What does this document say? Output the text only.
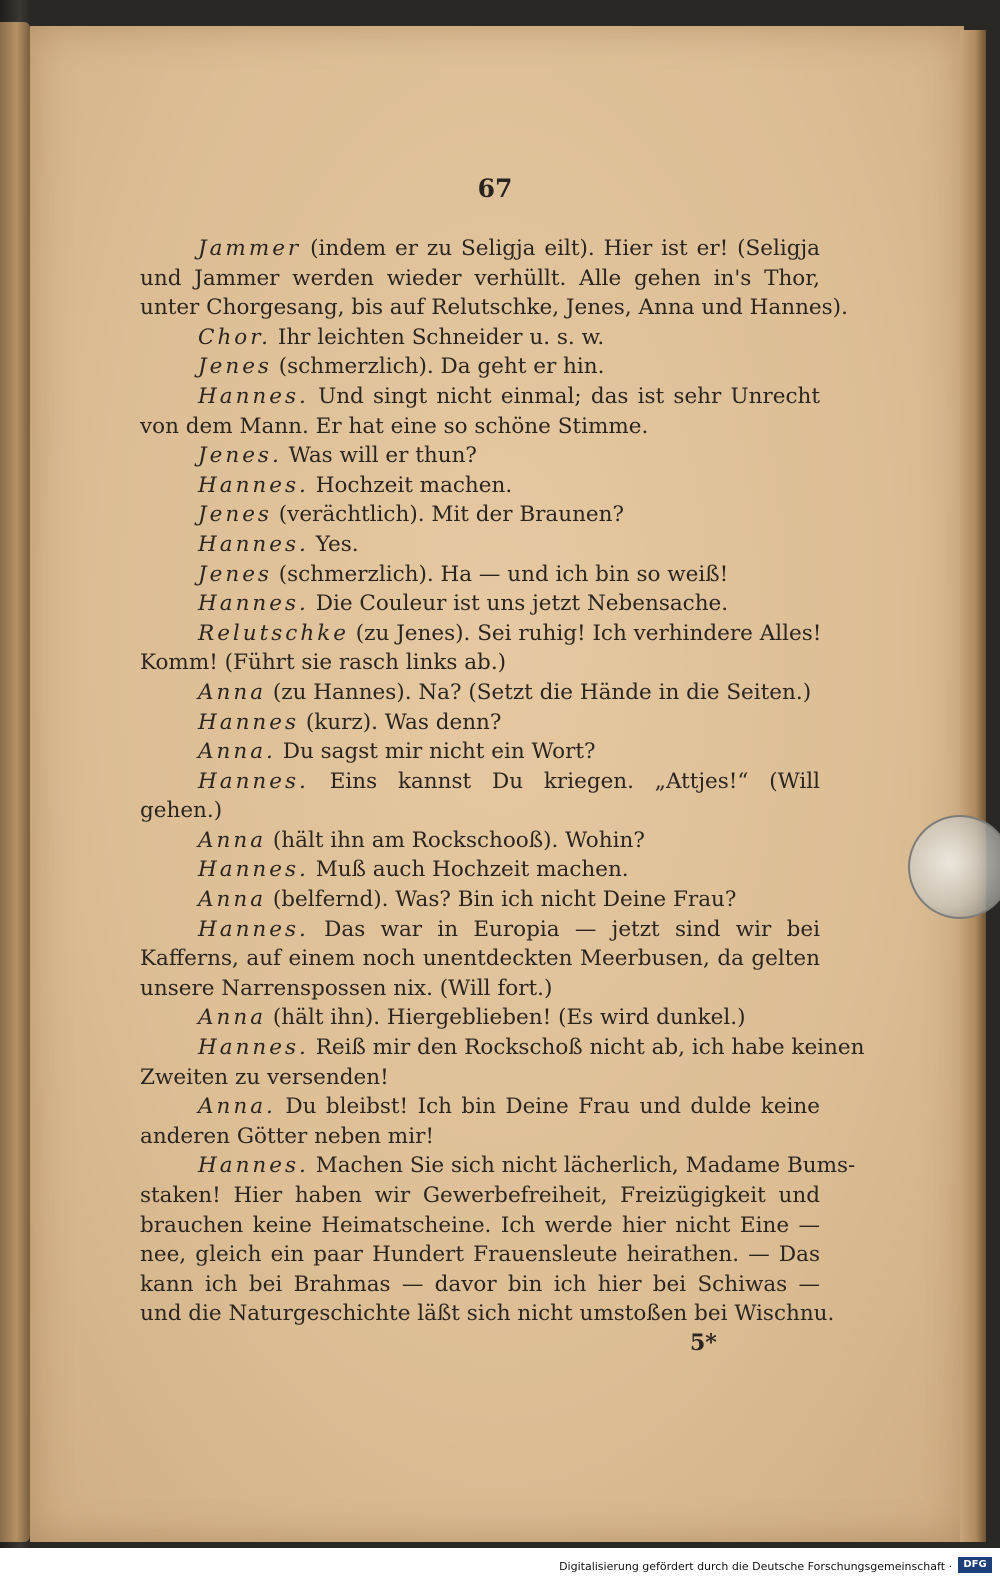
67
Jammer (indem er zu Seligja eilt). Hier ist er! (Seligja
und Jammer werden wieder verhüllt. Alle gehen in's Thor,
unter Chorgesang, bis auf Relutschke, Jenes, Anna und Hannes).
Chor. Ihr leichten Schneider u. s. w.
Jenes (schmerzlich). Da geht er hin.
Hannes. Und singt nicht einmal; das ist sehr Unrecht
von dem Mann. Er hat eine so schöne Stimme.
Jenes. Was will er thun?
Hannes. Hochzeit machen.
Jenes (verächtlich). Mit der Braunen?
Hannes. Yes.
Jenes (schmerzlich). Ha — und ich bin so weiß!
Hannes. Die Couleur ist uns jetzt Nebensache.
Relutschke (zu Jenes). Sei ruhig! Ich verhindere Alles!
Komm! (Führt sie rasch links ab.)
Anna (zu Hannes). Na? (Setzt die Hände in die Seiten.)
Hannes (kurz). Was denn?
Anna. Du sagst mir nicht ein Wort?
Hannes. Eins kannst Du kriegen. „Attjes!“ (Will
gehen.)
Anna (hält ihn am Rockschooß). Wohin?
Hannes. Muß auch Hochzeit machen.
Anna (belfernd). Was? Bin ich nicht Deine Frau?
Hannes. Das war in Europia — jetzt sind wir bei
Kafferns, auf einem noch unentdeckten Meerbusen, da gelten
unsere Narrenspossen nix. (Will fort.)
Anna (hält ihn). Hiergeblieben! (Es wird dunkel.)
Hannes. Reiß mir den Rockschoß nicht ab, ich habe keinen
Zweiten zu versenden!
Anna. Du bleibst! Ich bin Deine Frau und dulde keine
anderen Götter neben mir!
Hannes. Machen Sie sich nicht lächerlich, Madame Bums-
staken! Hier haben wir Gewerbefreiheit, Freizügigkeit und
brauchen keine Heimatscheine. Ich werde hier nicht Eine —
nee, gleich ein paar Hundert Frauensleute heirathen. — Das
kann ich bei Brahmas — davor bin ich hier bei Schiwas —
und die Naturgeschichte läßt sich nicht umstoßen bei Wischnu.
5*
Digitalisierung gefördert durch die Deutsche Forschungsgemeinschaft ·	DFG
